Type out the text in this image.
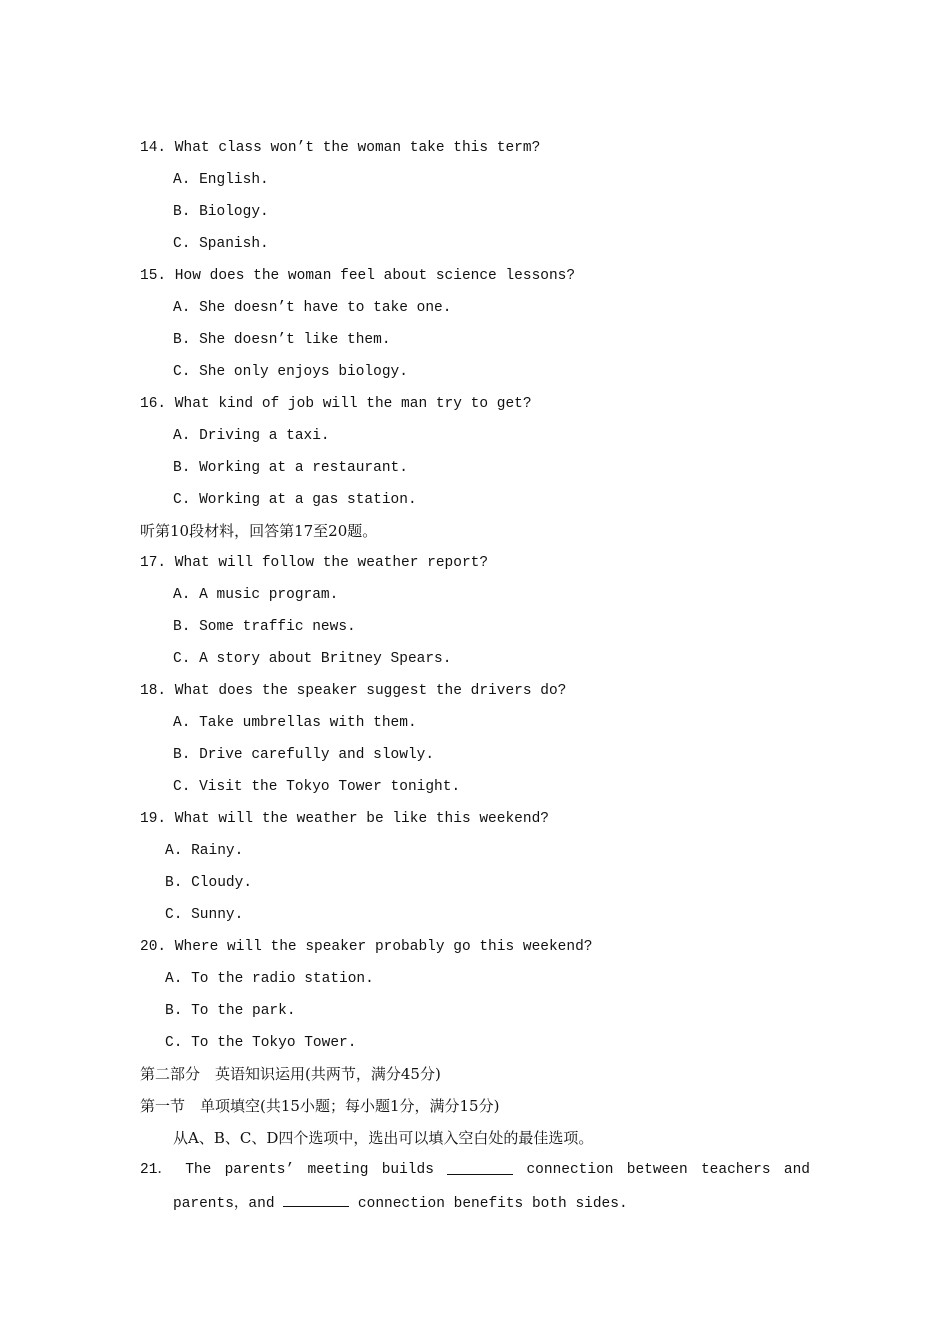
14. What class won’t the woman take this term?
A. English.
B. Biology.
C. Spanish.
15. How does the woman feel about science lessons?
A. She doesn’t have to take one.
B. She doesn’t like them.
C. She only enjoys biology.
16. What kind of job will the man try to get?
A. Driving a taxi.
B. Working at a restaurant.
C. Working at a gas station.
听第10段材料，回答第17至20题。
17. What will follow the weather report?
A. A music program.
B. Some traffic news.
C. A story about Britney Spears.
18. What does the speaker suggest the drivers do?
A. Take umbrellas with them.
B. Drive carefully and slowly.
C. Visit the Tokyo Tower tonight.
19. What will the weather be like this weekend?
A. Rainy.
B. Cloudy.
C. Sunny.
20. Where will the speaker probably go this weekend?
A. To the radio station.
B. To the park.
C. To the Tokyo Tower.
第二部分　英语知识运用(共两节，满分45分)
第一节　单项填空(共15小题；每小题1分，满分15分)
从A、B、C、D四个选项中，选出可以填入空白处的最佳选项。
21． The parents’ meeting builds	connection between teachers and
parents，and	connection benefits both sides.
